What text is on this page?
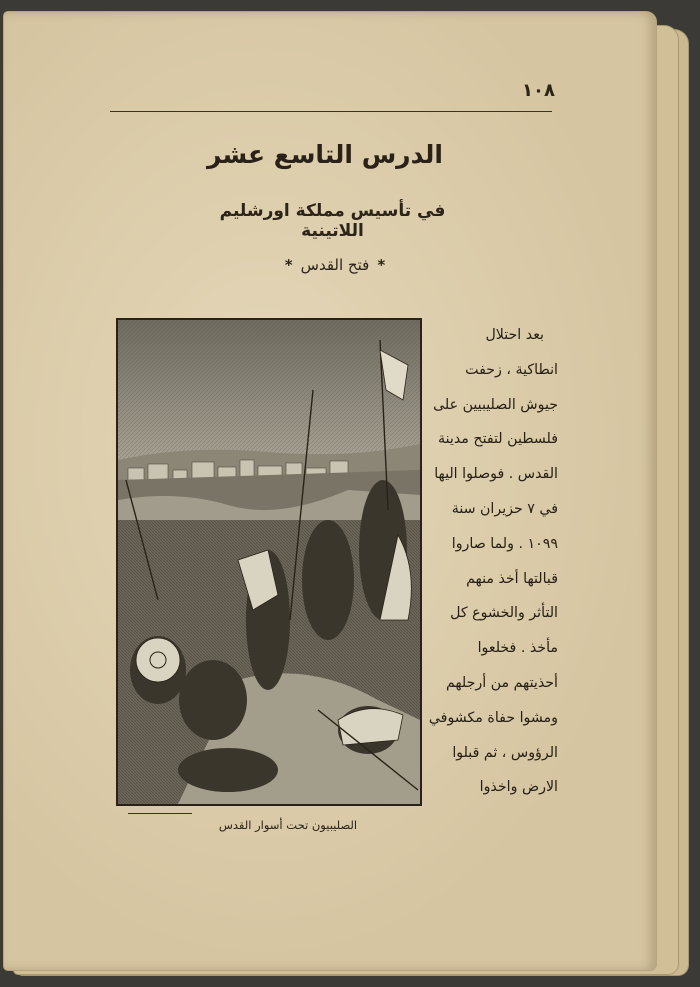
١٠٨
الدرس التاسع عشر
في تأسيس مملكة اورشليم اللاتينية
*فتح القدس*
الصليبيون تحت أسوار القدس
بعد احتلال
انطاكية ، زحفت
جيوش الصليبيين على
فلسطين لتفتح مدينة
القدس . فوصلوا اليها
في ٧ حزيران سنة
١٠٩٩ . ولما صاروا
قبالتها أخذ منهم
التأثر والخشوع كل
مأخذ . فخلعوا
أحذيتهم من أرجلهم
ومشوا حفاة مكشوفي
الرؤوس ، ثم قبلوا
الارض واخذوا
